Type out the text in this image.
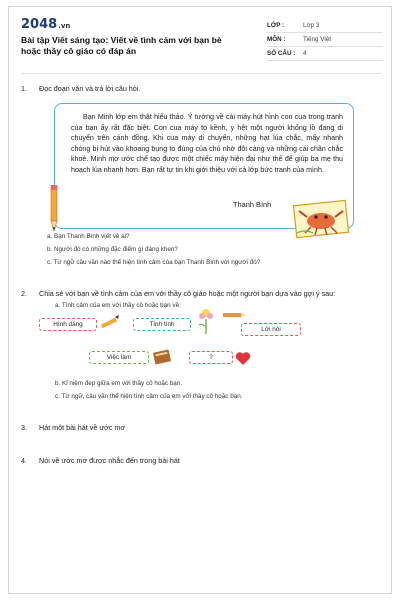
2048.vn
Bài tập Viết sáng tạo: Viết về tình cảm với bạn bè hoặc thầy cô giáo có đáp án
LỚP :	Lớp 3
MÔN :	Tiếng Việt
SỐ CÂU : 4
1.	Đọc đoạn văn và trả lời câu hỏi.
Bạn Minh lớp em thật hiếu thảo. Ý tưởng về cái máy hút hình con cua trong tranh của bạn ấy rất đặc biệt. Con cua máy to kềnh, y hệt một người khổng lồ đang di chuyển trên cánh đồng. Khi cua máy di chuyển, những hạt lúa chắc, mẩy nhanh chóng bị hút vào khoang bụng to đùng của chú nhờ đôi càng và những cái chân chắc khoẻ. Minh mơ ước chế tạo được một chiếc máy hiện đại như thế để giúp ba mẹ thu hoạch lúa nhanh hơn. Bạn rất tự tin khi giới thiệu với cả lớp bức tranh của mình.
Thanh Bình
a. Bạn Thanh Bình viết về ai?
b. Người đó có những đặc điểm gì đáng khen?
c. Từ ngữ câu văn nào thể hiện tình cảm của bạn Thanh Bình với người đó?
2.	Chia sẻ với bạn về tình cảm của em với thầy cô giáo hoặc một người bạn dựa vào gợi ý sau:
a. Tình cảm của em với thầy cô hoặc bạn về:
Hình dáng	Tính tình
Lời nói
Việc làm	?
b. Kỉ niệm đẹp giữa em với thầy cô hoặc bạn.
c. Từ ngữ, câu văn thể hiện tình cảm của em với thầy cô hoặc bạn.
3.	Hát một bài hát về ước mơ
4.	Nói về ước mơ được nhắc đến trong bài hát
